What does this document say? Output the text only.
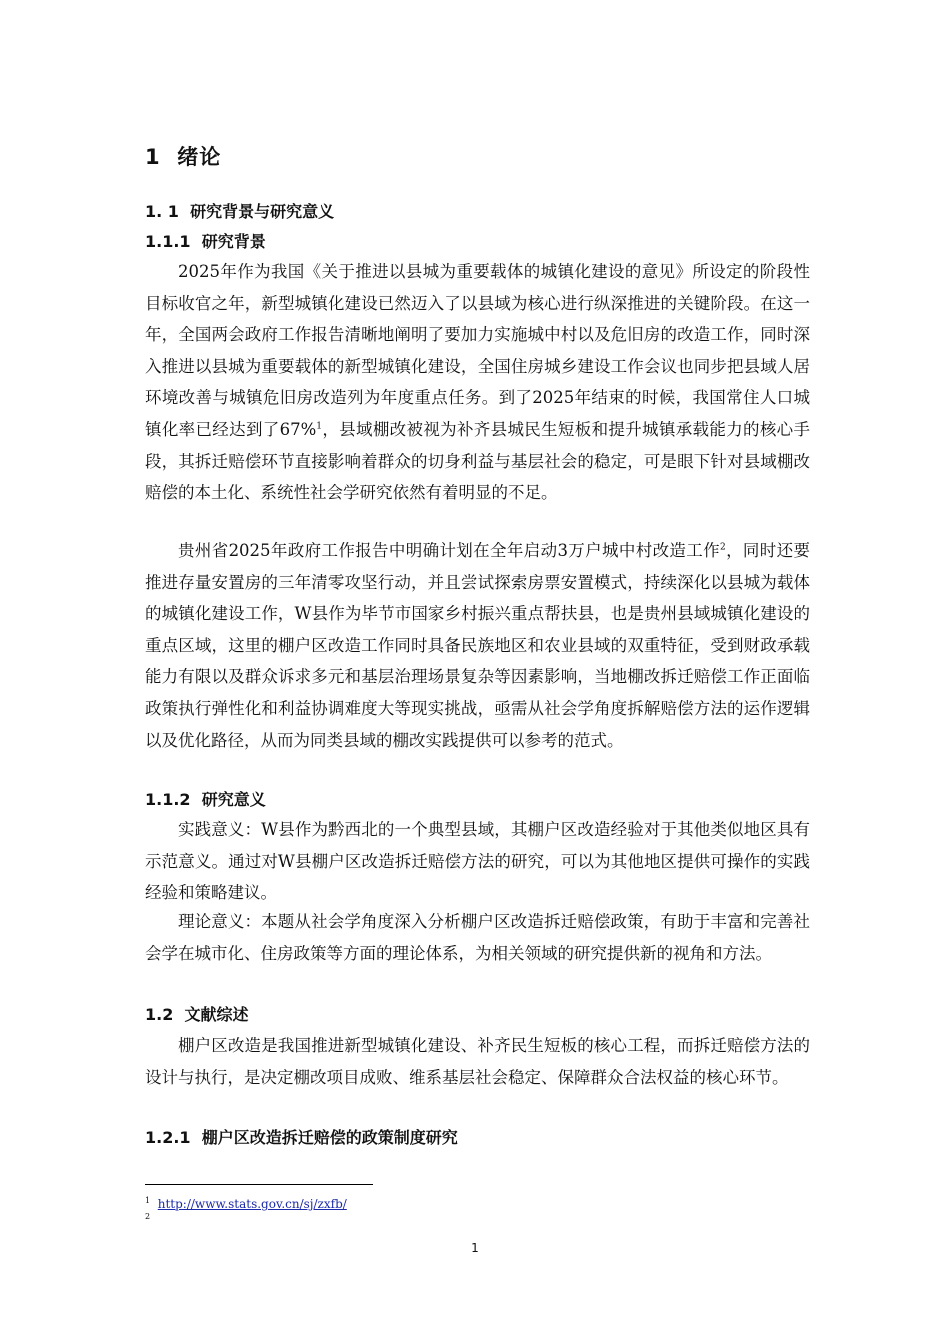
1 绪论
1. 1 研究背景与研究意义
1.1.1 研究背景

2025年作为我国《关于推进以县城为重要载体的城镇化建设的意见》所设定的阶段性目标收官之年，新型城镇化建设已然迈入了以县域为核心进行纵深推进的关键阶段。在这一年，全国两会政府工作报告清晰地阐明了要加力实施城中村以及危旧房的改造工作，同时深入推进以县城为重要载体的新型城镇化建设，全国住房城乡建设工作会议也同步把县域人居环境改善与城镇危旧房改造列为年度重点任务。到了2025年结束的时候，我国常住人口城镇化率已经达到了67%$^1$，县域棚改被视为补齐县城民生短板和提升城镇承载能力的核心手段，其拆迁赔偿环节直接影响着群众的切身利益与基层社会的稳定，可是眼下针对县域棚改赔偿的本土化、系统性社会学研究依然有着明显的不足。

贵州省2025年政府工作报告中明确计划在全年启动3万户城中村改造工作$^2$，同时还要推进存量安置房的三年清零攻坚行动，并且尝试探索房票安置模式，持续深化以县城为载体的城镇化建设工作，W县作为毕节市国家乡村振兴重点帮扶县，也是贵州县域城镇化建设的重点区域，这里的棚户区改造工作同时具备民族地区和农业县域的双重特征，受到财政承载能力有限以及群众诉求多元和基层治理场景复杂等因素影响，当地棚改拆迁赔偿工作正面临政策执行弹性化和利益协调难度大等现实挑战，亟需从社会学角度拆解赔偿方法的运作逻辑以及优化路径，从而为同类县域的棚改实践提供可以参考的范式。

1.1.2 研究意义

实践意义：W县作为黔西北的一个典型县域，其棚户区改造经验对于其他类似地区具有示范意义。通过对W县棚户区改造拆迁赔偿方法的研究，可以为其他地区提供可操作的实践经验和策略建议。

理论意义：本题从社会学角度深入分析棚户区改造拆迁赔偿政策，有助于丰富和完善社会学在城市化、住房政策等方面的理论体系，为相关领域的研究提供新的视角和方法。

1.2 文献综述

棚户区改造是我国推进新型城镇化建设、补齐民生短板的核心工程，而拆迁赔偿方法的设计与执行，是决定棚改项目成败、维系基层社会稳定、保障群众合法权益的核心环节。

1.2.1 棚户区改造拆迁赔偿的政策制度研究
$^1$ http://www.stats.gov.cn/sj/zxfb/
$^2$
1
